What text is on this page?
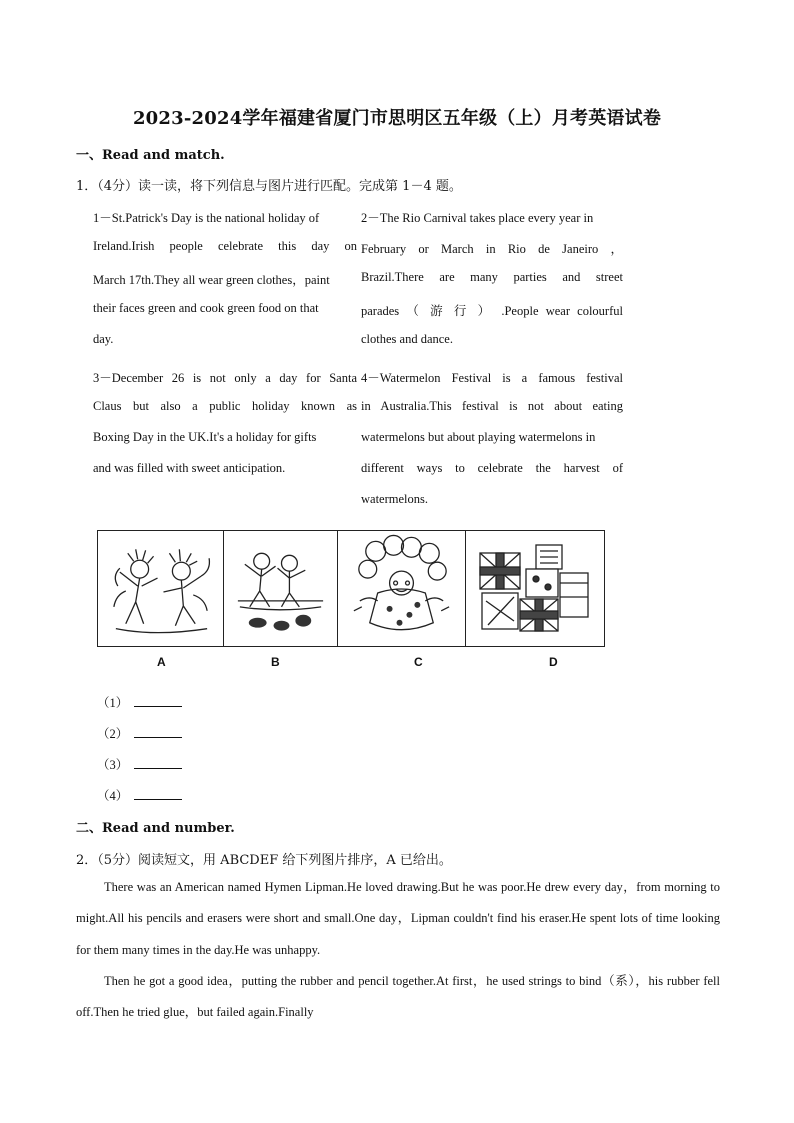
2023-2024学年福建省厦门市思明区五年级（上）月考英语试卷
一、Read and match.
1．（4分）读一读，将下列信息与图片进行匹配。完成第 1－4 题。
1－St.Patrick's Day is the national holiday of
Ireland.Irish people celebrate this day on
March 17th.They all wear green clothes，paint
their faces green and cook green food on that
day.
2－The Rio Carnival takes place every year in
February or March in Rio de Janeiro ，
Brazil.There are many parties and street
parades （ 游 行 ） .People wear colourful
clothes and dance.
3－December 26 is not only a day for Santa
Claus but also a public holiday known as
Boxing Day in the UK.It's a holiday for gifts
and was filled with sweet anticipation.
4－Watermelon Festival is a famous festival
in Australia.This festival is not about eating
watermelons but about playing watermelons in
different ways to celebrate the harvest of
watermelons.
A	B	C	D
（1）
（2）
（3）
（4）
二、Read and number.
2．（5分）阅读短文，用 ABCDEF 给下列图片排序，A 已给出。
There was an American named Hymen Lipman.He loved drawing.But he was poor.He drew every day，from morning to might.All his pencils and erasers were short and small.One day，Lipman couldn't find his eraser.He spent lots of time looking for them many times in the day.He was unhappy.
Then he got a good idea，putting the rubber and pencil together.At first，he used strings to bind（系），his rubber fell off.Then he tried glue，but failed again.Finally
